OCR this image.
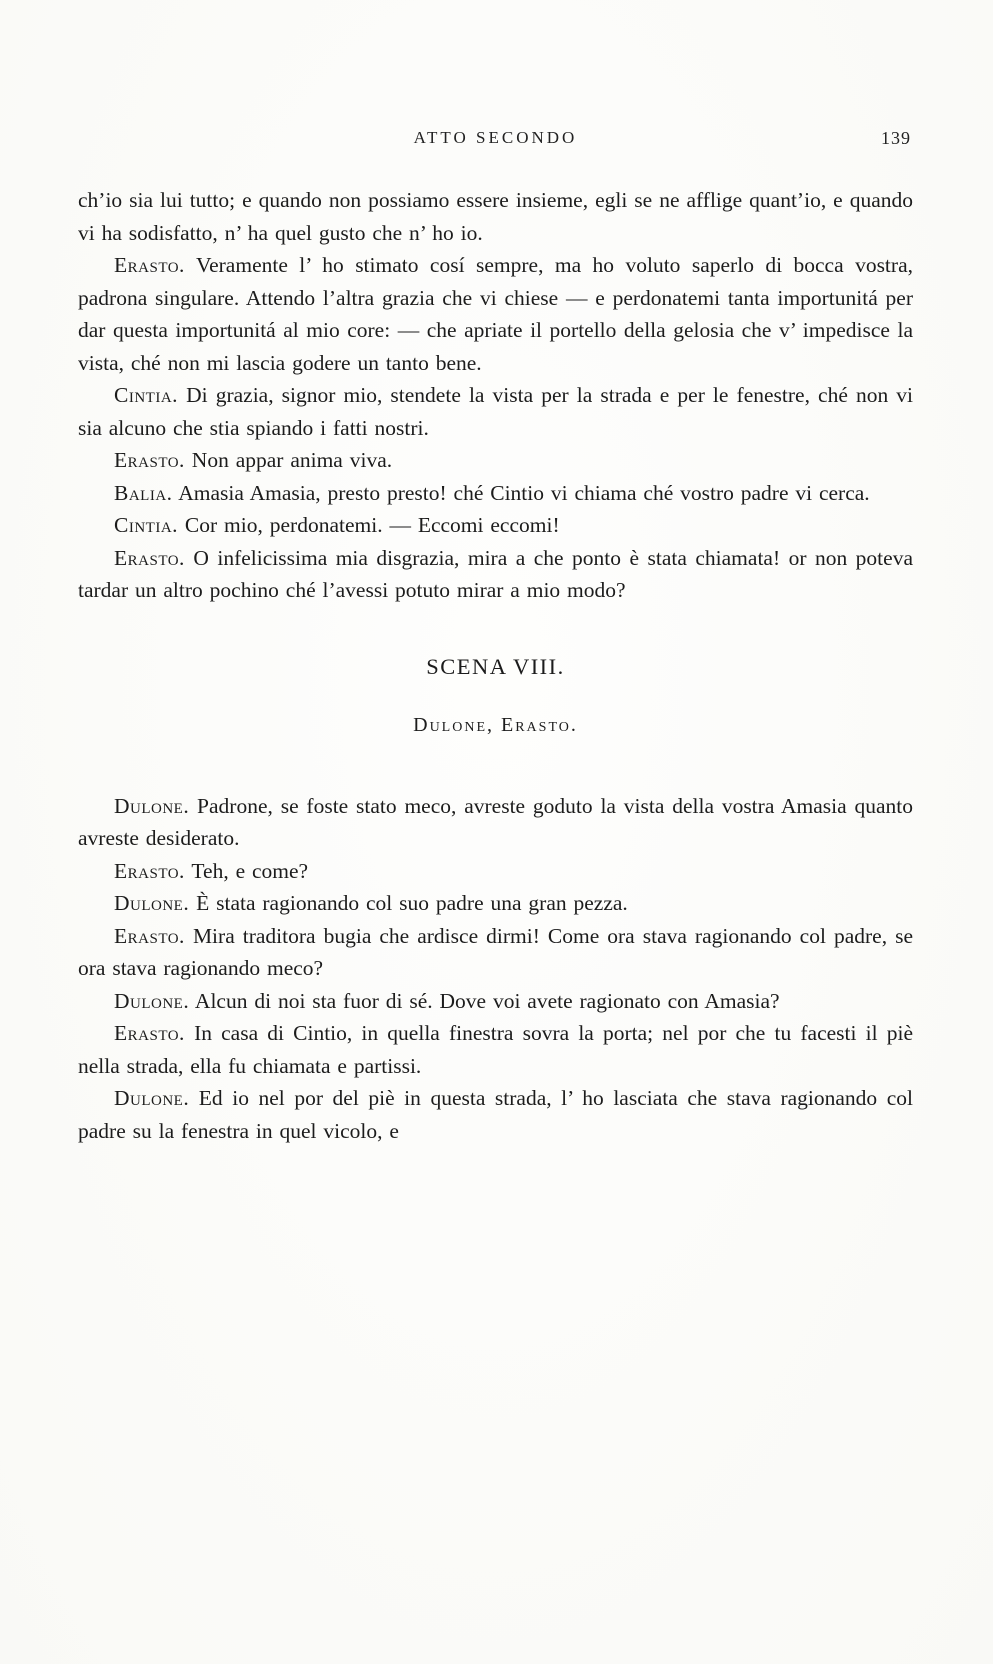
ATTO SECONDO	139

ch’io sia lui tutto; e quando non possiamo essere insieme, egli se ne afflige quant’io, e quando vi ha sodisfatto, n’ ha quel gusto che n’ ho io.

Erasto. Veramente l’ ho stimato cosí sempre, ma ho voluto saperlo di bocca vostra, padrona singulare. Attendo l’altra grazia che vi chiese — e perdonatemi tanta importunitá per dar questa importunitá al mio core: — che apriate il portello della gelosia che v’ impedisce la vista, ché non mi lascia godere un tanto bene.

Cintia. Di grazia, signor mio, stendete la vista per la strada e per le fenestre, ché non vi sia alcuno che stia spiando i fatti nostri.

Erasto. Non appar anima viva.

Balia. Amasia Amasia, presto presto! ché Cintio vi chiama ché vostro padre vi cerca.

Cintia. Cor mio, perdonatemi. — Eccomi eccomi!

Erasto. O infelicissima mia disgrazia, mira a che ponto è stata chiamata! or non poteva tardar un altro pochino ché l’avessi potuto mirar a mio modo?

SCENA VIII.
Dulone, Erasto.

Dulone. Padrone, se foste stato meco, avreste goduto la vista della vostra Amasia quanto avreste desiderato.

Erasto. Teh, e come?

Dulone. È stata ragionando col suo padre una gran pezza.

Erasto. Mira traditora bugia che ardisce dirmi! Come ora stava ragionando col padre, se ora stava ragionando meco?

Dulone. Alcun di noi sta fuor di sé. Dove voi avete ragionato con Amasia?

Erasto. In casa di Cintio, in quella finestra sovra la porta; nel por che tu facesti il piè nella strada, ella fu chiamata e partissi.

Dulone. Ed io nel por del piè in questa strada, l’ ho lasciata che stava ragionando col padre su la fenestra in quel vicolo, e
